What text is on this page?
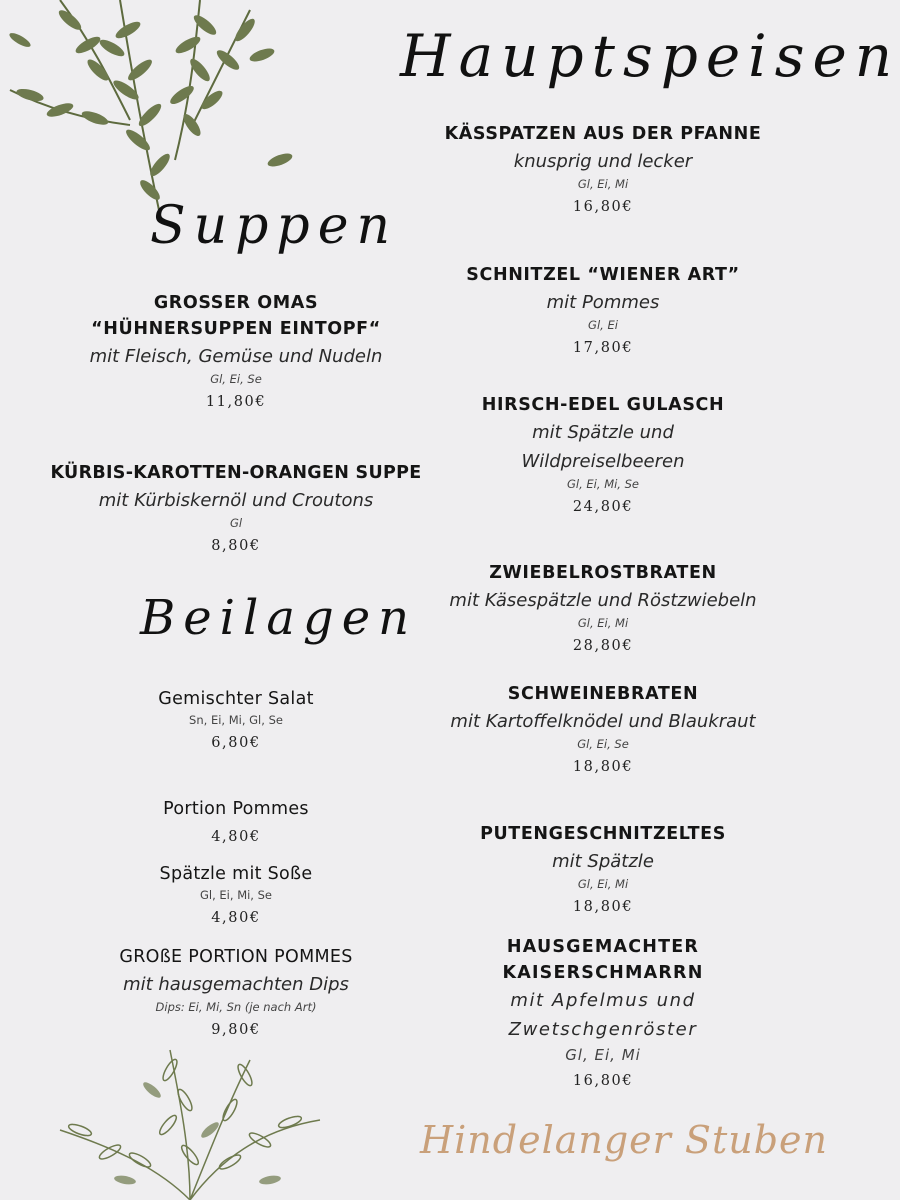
Hauptspeisen
Suppen
Beilagen
KÄSSPATZEN AUS DER PFANNE
knusprig und lecker
Gl, Ei, Mi
16,80€
SCHNITZEL “WIENER ART”
mit Pommes
Gl, Ei
17,80€
HIRSCH-EDEL GULASCH
mit Spätzle und
Wildpreiselbeeren
Gl, Ei, Mi, Se
24,80€
ZWIEBELROSTBRATEN
mit Käsespätzle und Röstzwiebeln
Gl, Ei, Mi
28,80€
SCHWEINEBRATEN
mit Kartoffelknödel und Blaukraut
Gl, Ei, Se
18,80€
PUTENGESCHNITZELTES
mit Spätzle
Gl, Ei, Mi
18,80€
HAUSGEMACHTER
KAISERSCHMARRN
mit Apfelmus und
Zwetschgenröster
Gl, Ei, Mi
16,80€
GROSSER OMAS
“HÜHNERSUPPEN EINTOPF“
mit Fleisch, Gemüse und Nudeln
Gl, Ei, Se
11,80€
KÜRBIS-KAROTTEN-ORANGEN SUPPE
mit Kürbiskernöl und Croutons
Gl
8,80€
Gemischter Salat
Sn, Ei, Mi, Gl, Se
6,80€
Portion Pommes
4,80€
Spätzle mit Soße
Gl, Ei, Mi, Se
4,80€
GROßE PORTION POMMES
mit hausgemachten Dips
Dips: Ei, Mi, Sn (je nach Art)
9,80€
Hindelanger Stuben
